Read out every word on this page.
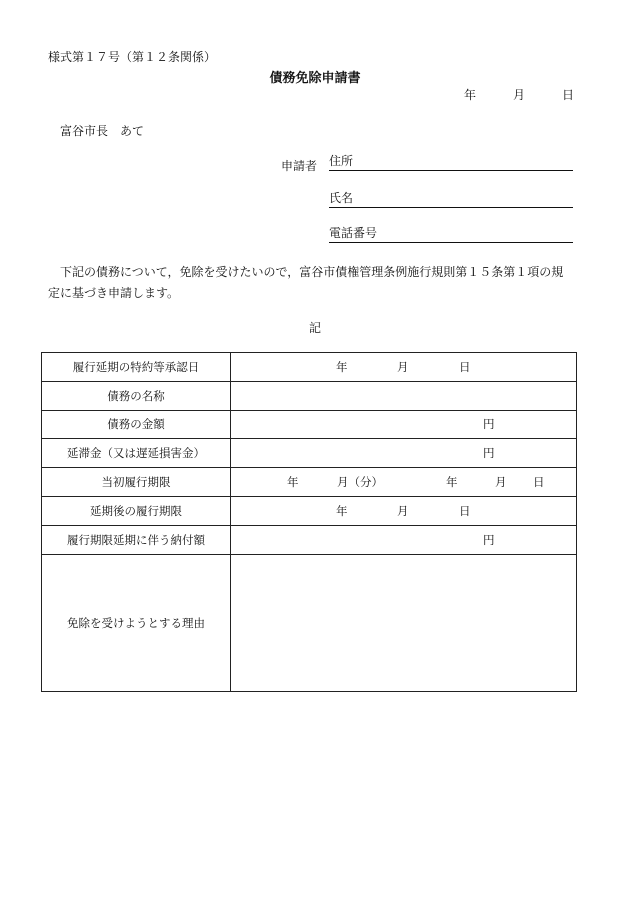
様式第１７号（第１２条関係）
債務免除申請書
年	月	日
富谷市長　あて
申請者 住所
氏名
電話番号
下記の債務について，免除を受けたいので，富谷市債権管理条例施行規則第１５条第１項の規定に基づき申請します。
記
履行延期の特約等承認日	年 月 日

債務の名称	
債務の金額	円

延滞金（又は遅延損害金）	円

当初履行期限	年 月（分） 年 月 日

延期後の履行期限	年 月 日

履行期限延期に伴う納付額	円

免除を受けようとする理由	
